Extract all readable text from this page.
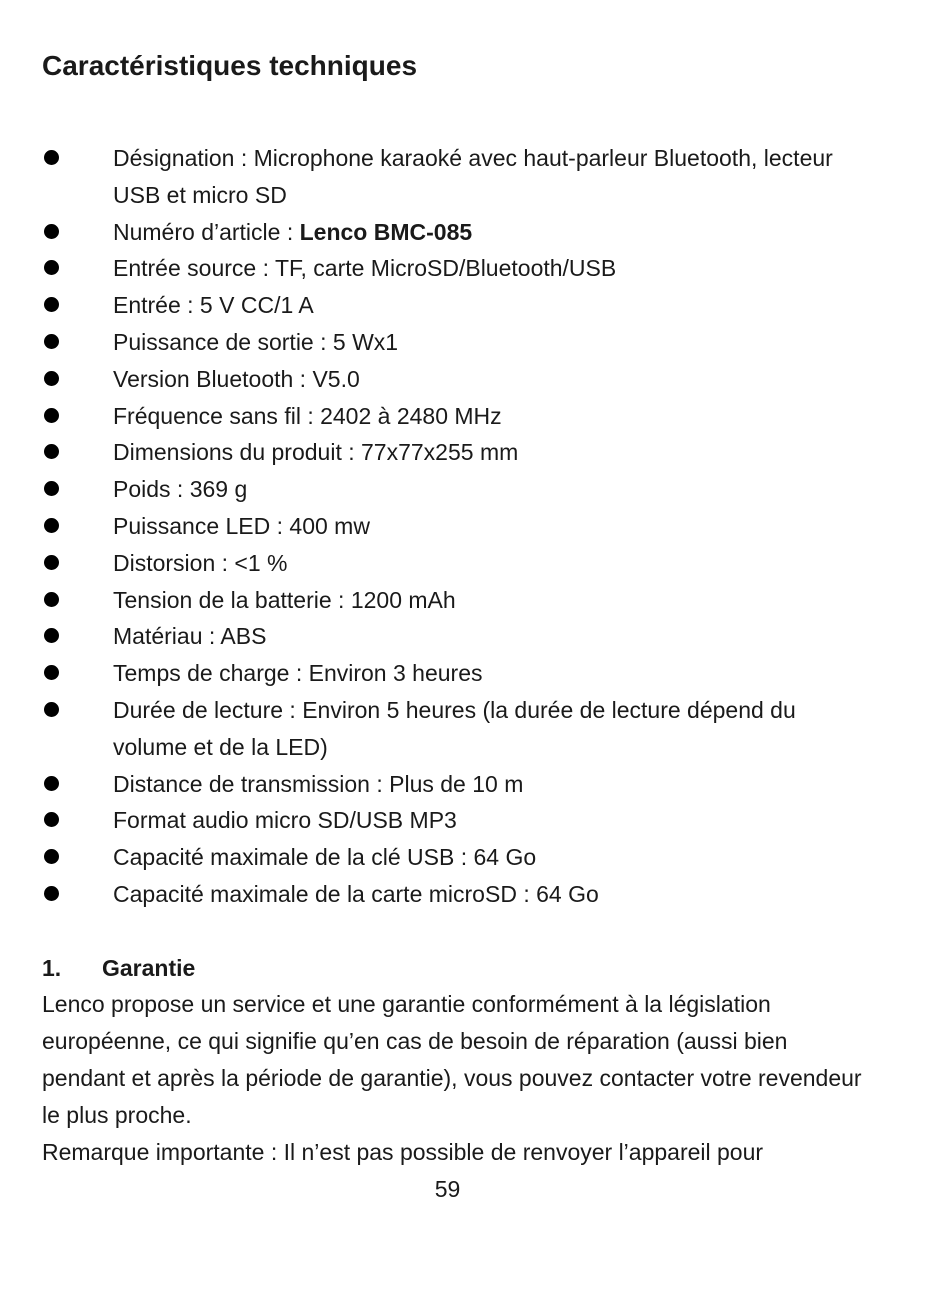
Caractéristiques techniques
Désignation : Microphone karaoké avec haut-parleur Bluetooth, lecteur USB et micro SD
Numéro d’article : Lenco BMC-085
Entrée source : TF, carte MicroSD/Bluetooth/USB
Entrée : 5 V CC/1 A
Puissance de sortie : 5 Wx1
Version Bluetooth : V5.0
Fréquence sans fil : 2402 à 2480 MHz
Dimensions du produit : 77x77x255 mm
Poids : 369 g
Puissance LED : 400 mw
Distorsion : <1 %
Tension de la batterie : 1200 mAh
Matériau : ABS
Temps de charge : Environ 3 heures
Durée de lecture : Environ 5 heures (la durée de lecture dépend du volume et de la LED)
Distance de transmission : Plus de 10 m
Format audio micro SD/USB MP3
Capacité maximale de la clé USB : 64 Go
Capacité maximale de la carte microSD : 64 Go
1. Garantie
Lenco propose un service et une garantie conformément à la législation européenne, ce qui signifie qu’en cas de besoin de réparation (aussi bien pendant et après la période de garantie), vous pouvez contacter votre revendeur le plus proche.
Remarque importante : Il n’est pas possible de renvoyer l’appareil pour
59
